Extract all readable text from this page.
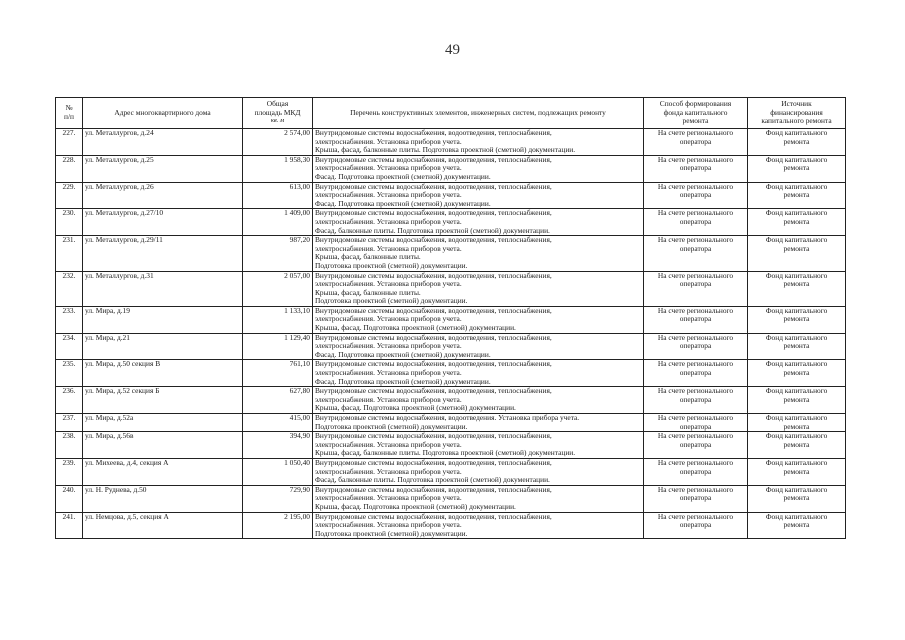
49
№
п/п	Адрес многоквартирного дома	Общая
площадь МКД
кв. м	Перечень конструктивных элементов, инженерных систем, подлежащих ремонту	Способ формирования
фонда капитального
ремонта	Источник
финансирования
капитального ремонта

227.	ул. Металлургов, д.24	2 574,00	Внутридомовые системы водоснабжения, водоотведения, теплоснабжения,
электроснабжения. Установка приборов учета.
Крыша, фасад, балконные плиты. Подготовка проектной (сметной) документации.	На счете регионального
оператора	Фонд капитального
ремонта

228.	ул. Металлургов, д.25	1 958,30	Внутридомовые системы водоснабжения, водоотведения, теплоснабжения,
электроснабжения. Установка приборов учета.
Фасад. Подготовка проектной (сметной) документации.	На счете регионального
оператора	Фонд капитального
ремонта

229.	ул. Металлургов, д.26	613,00	Внутридомовые системы водоснабжения, водоотведения, теплоснабжения,
электроснабжения. Установка приборов учета.
Фасад. Подготовка проектной (сметной) документации.	На счете регионального
оператора	Фонд капитального
ремонта

230.	ул. Металлургов, д.27/10	1 409,00	Внутридомовые системы водоснабжения, водоотведения, теплоснабжения,
электроснабжения. Установка приборов учета.
Фасад, балконные плиты. Подготовка проектной (сметной) документации.	На счете регионального
оператора	Фонд капитального
ремонта

231.	ул. Металлургов, д.29/11	987,20	Внутридомовые системы водоснабжения, водоотведения, теплоснабжения,
электроснабжения. Установка приборов учета.
Крыша, фасад, балконные плиты.
Подготовка проектной (сметной) документации.	На счете регионального
оператора	Фонд капитального
ремонта

232.	ул. Металлургов, д.31	2 057,00	Внутридомовые системы водоснабжения, водоотведения, теплоснабжения,
электроснабжения. Установка приборов учета.
Крыша, фасад, балконные плиты.
Подготовка проектной (сметной) документации.	На счете регионального
оператора	Фонд капитального
ремонта

233.	ул. Мира, д.19	1 133,10	Внутридомовые системы водоснабжения, водоотведения, теплоснабжения,
электроснабжения. Установка приборов учета.
Крыша, фасад. Подготовка проектной (сметной) документации.	На счете регионального
оператора	Фонд капитального
ремонта

234.	ул. Мира, д.21	1 129,40	Внутридомовые системы водоснабжения, водоотведения, теплоснабжения,
электроснабжения. Установка приборов учета.
Фасад. Подготовка проектной (сметной) документации.	На счете регионального
оператора	Фонд капитального
ремонта

235.	ул. Мира, д.50 секция В	761,10	Внутридомовые системы водоснабжения, водоотведения, теплоснабжения,
электроснабжения. Установка приборов учета.
Фасад. Подготовка проектной (сметной) документации.	На счете регионального
оператора	Фонд капитального
ремонта

236.	ул. Мира, д.52 секция Б	627,80	Внутридомовые системы водоснабжения, водоотведения, теплоснабжения,
электроснабжения. Установка приборов учета.
Крыша, фасад. Подготовка проектной (сметной) документации.	На счете регионального
оператора	Фонд капитального
ремонта

237.	ул. Мира, д.52а	415,00	Внутридомовые системы водоснабжения, водоотведения. Установка прибора учета.
Подготовка проектной (сметной) документации.	На счете регионального
оператора	Фонд капитального
ремонта

238.	ул. Мира, д.56в	394,90	Внутридомовые системы водоснабжения, водоотведения, теплоснабжения,
электроснабжения. Установка приборов учета.
Крыша, фасад, балконные плиты. Подготовка проектной (сметной) документации.	На счете регионального
оператора	Фонд капитального
ремонта

239.	ул. Михеева, д.4, секция А	1 050,40	Внутридомовые системы водоснабжения, водоотведения, теплоснабжения,
электроснабжения. Установка приборов учета.
Фасад, балконные плиты. Подготовка проектной (сметной) документации.	На счете регионального
оператора	Фонд капитального
ремонта

240.	ул. Н. Руднева, д.50	729,90	Внутридомовые системы водоснабжения, водоотведения, теплоснабжения,
электроснабжения. Установка приборов учета.
Крыша, фасад. Подготовка проектной (сметной) документации.	На счете регионального
оператора	Фонд капитального
ремонта

241.	ул. Немцова, д.5, секция А	2 195,00	Внутридомовые системы водоснабжения, водоотведения, теплоснабжения,
электроснабжения. Установка приборов учета.
Подготовка проектной (сметной) документации.	На счете регионального
оператора	Фонд капитального
ремонта
